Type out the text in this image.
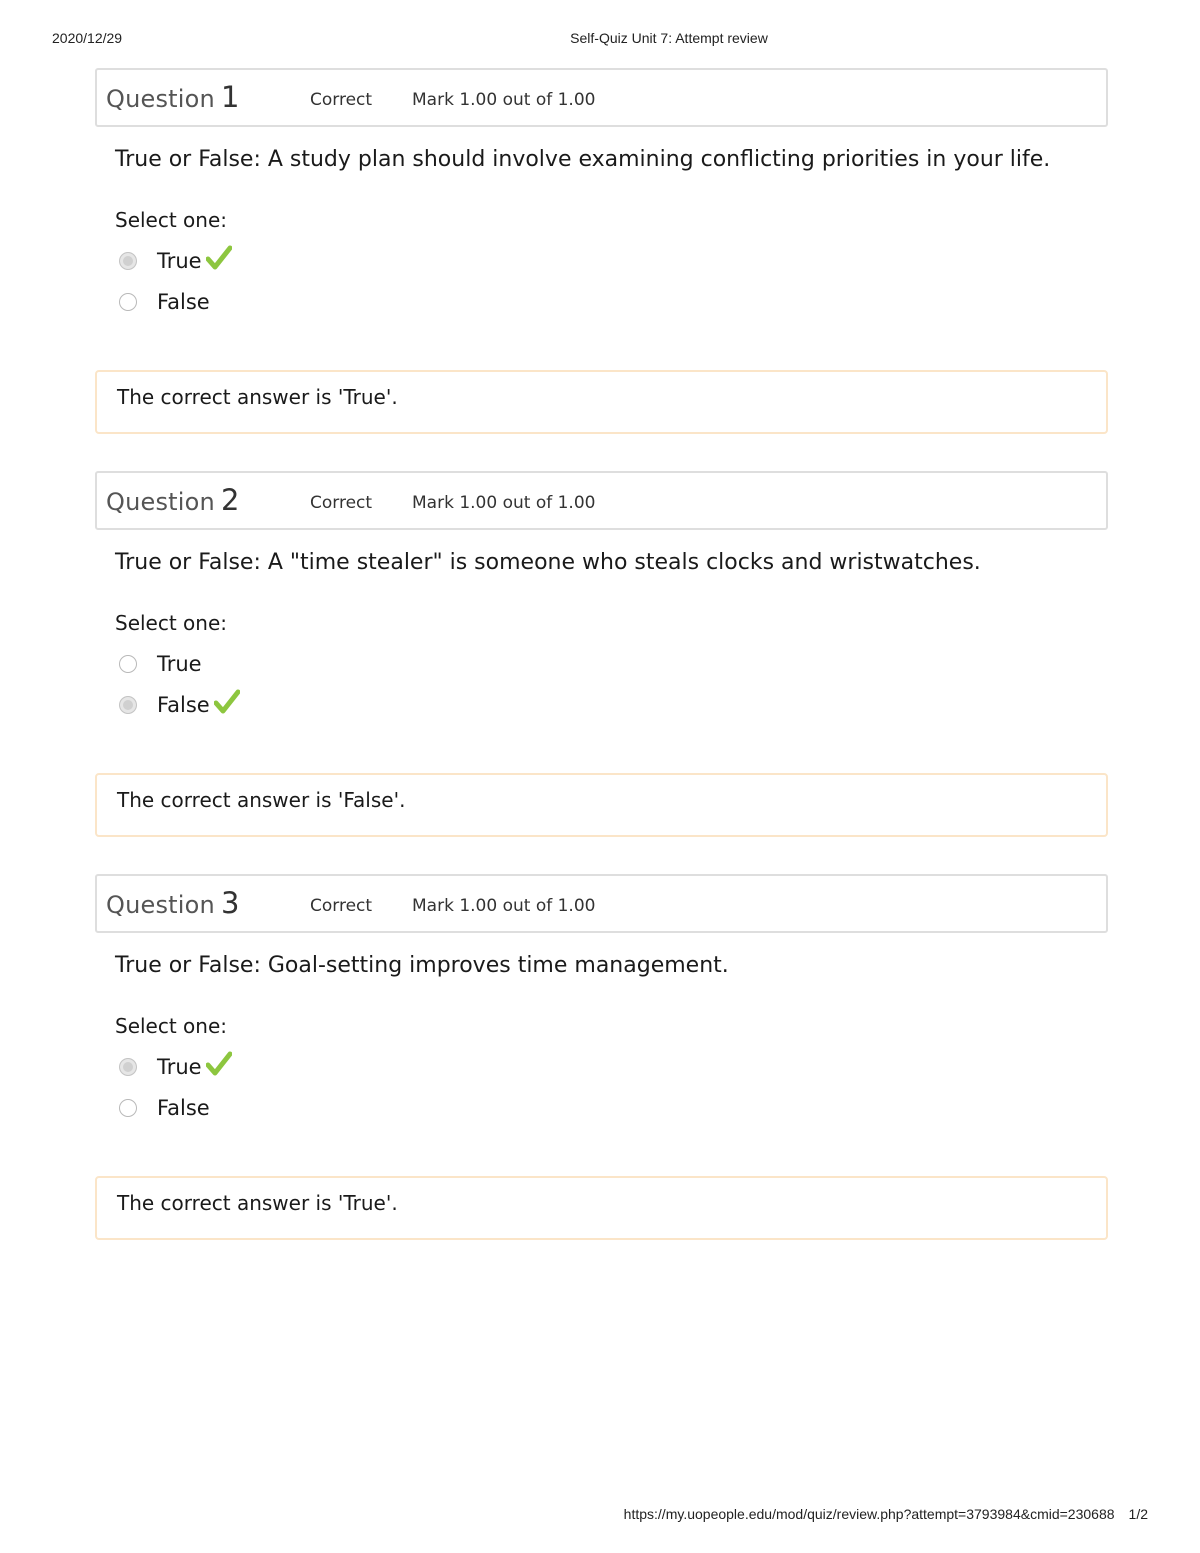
2020/12/29	Self-Quiz Unit 7: Attempt review
Question 1	Correct Mark 1.00 out of 1.00
True or False: A study plan should involve examining conflicting priorities in your life.
Select one:
True
False
The correct answer is 'True'.
Question 2	Correct Mark 1.00 out of 1.00
True or False: A "time stealer" is someone who steals clocks and wristwatches.
Select one:
True
False
The correct answer is 'False'.
Question 3	Correct Mark 1.00 out of 1.00
True or False: Goal-setting improves time management.
Select one:
True
False
The correct answer is 'True'.
https://my.uopeople.edu/mod/quiz/review.php?attempt=3793984&cmid=230688 1/2
